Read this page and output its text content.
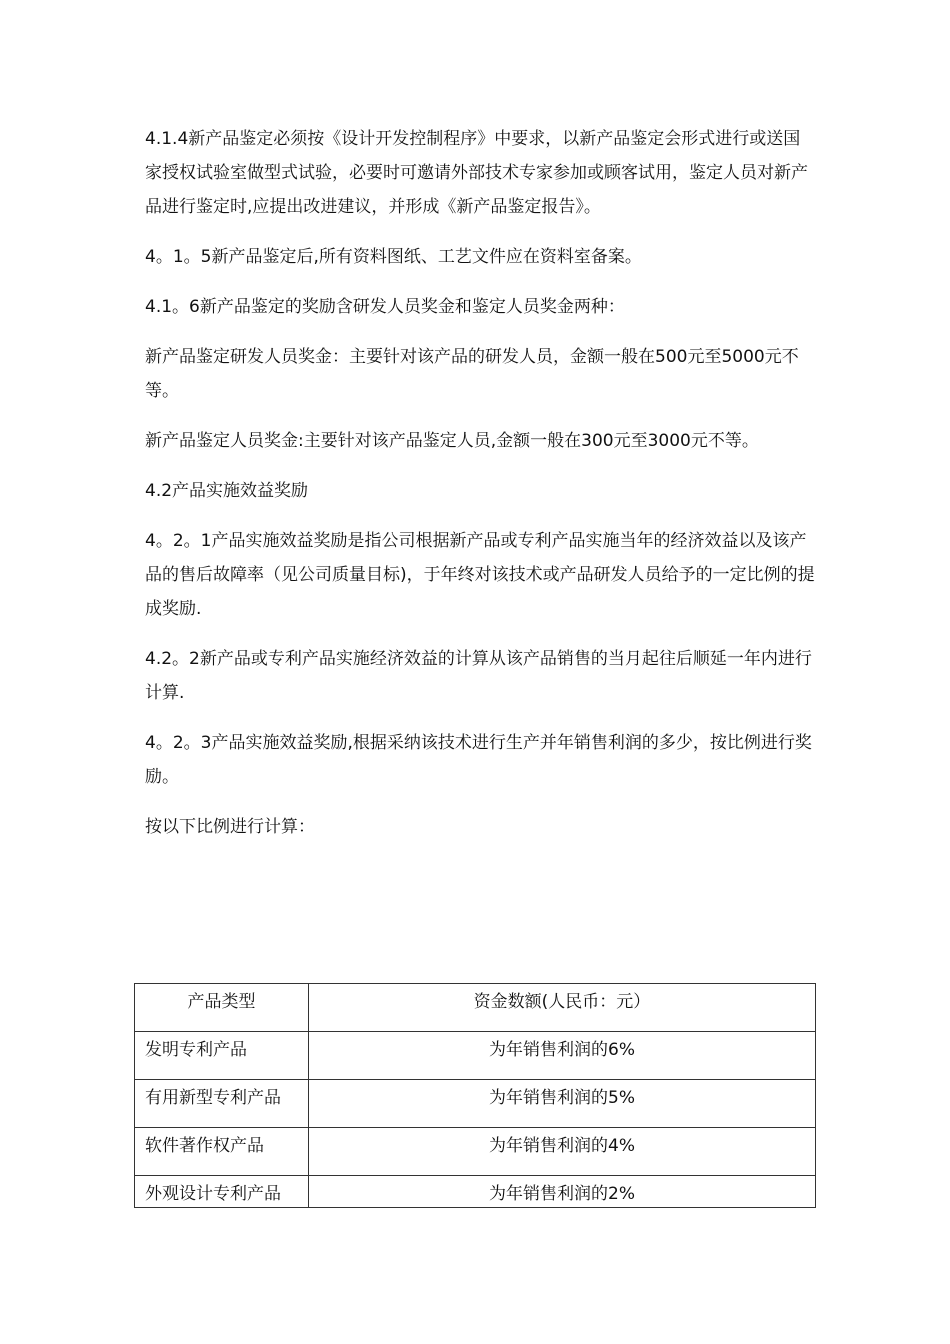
4.1.4新产品鉴定必须按《设计开发控制程序》中要求，以新产品鉴定会形式进行或送国家授权试验室做型式试验，必要时可邀请外部技术专家参加或顾客试用，鉴定人员对新产品进行鉴定时,应提出改进建议，并形成《新产品鉴定报告》。

4。1。5新产品鉴定后,所有资料图纸、工艺文件应在资料室备案。

4.1。6新产品鉴定的奖励含研发人员奖金和鉴定人员奖金两种：

新产品鉴定研发人员奖金：主要针对该产品的研发人员，金额一般在500元至5000元不等。

新产品鉴定人员奖金:主要针对该产品鉴定人员,金额一般在300元至3000元不等。

4.2产品实施效益奖励

4。2。1产品实施效益奖励是指公司根据新产品或专利产品实施当年的经济效益以及该产品的售后故障率（见公司质量目标)，于年终对该技术或产品研发人员给予的一定比例的提成奖励.

4.2。2新产品或专利产品实施经济效益的计算从该产品销售的当月起往后顺延一年内进行计算.

4。2。3产品实施效益奖励,根据采纳该技术进行生产并年销售利润的多少，按比例进行奖励。

按以下比例进行计算：

产品类型	资金数额(人民币：元）
发明专利产品	为年销售利润的6%
有用新型专利产品	为年销售利润的5%
软件著作权产品	为年销售利润的4%
外观设计专利产品	为年销售利润的2%
